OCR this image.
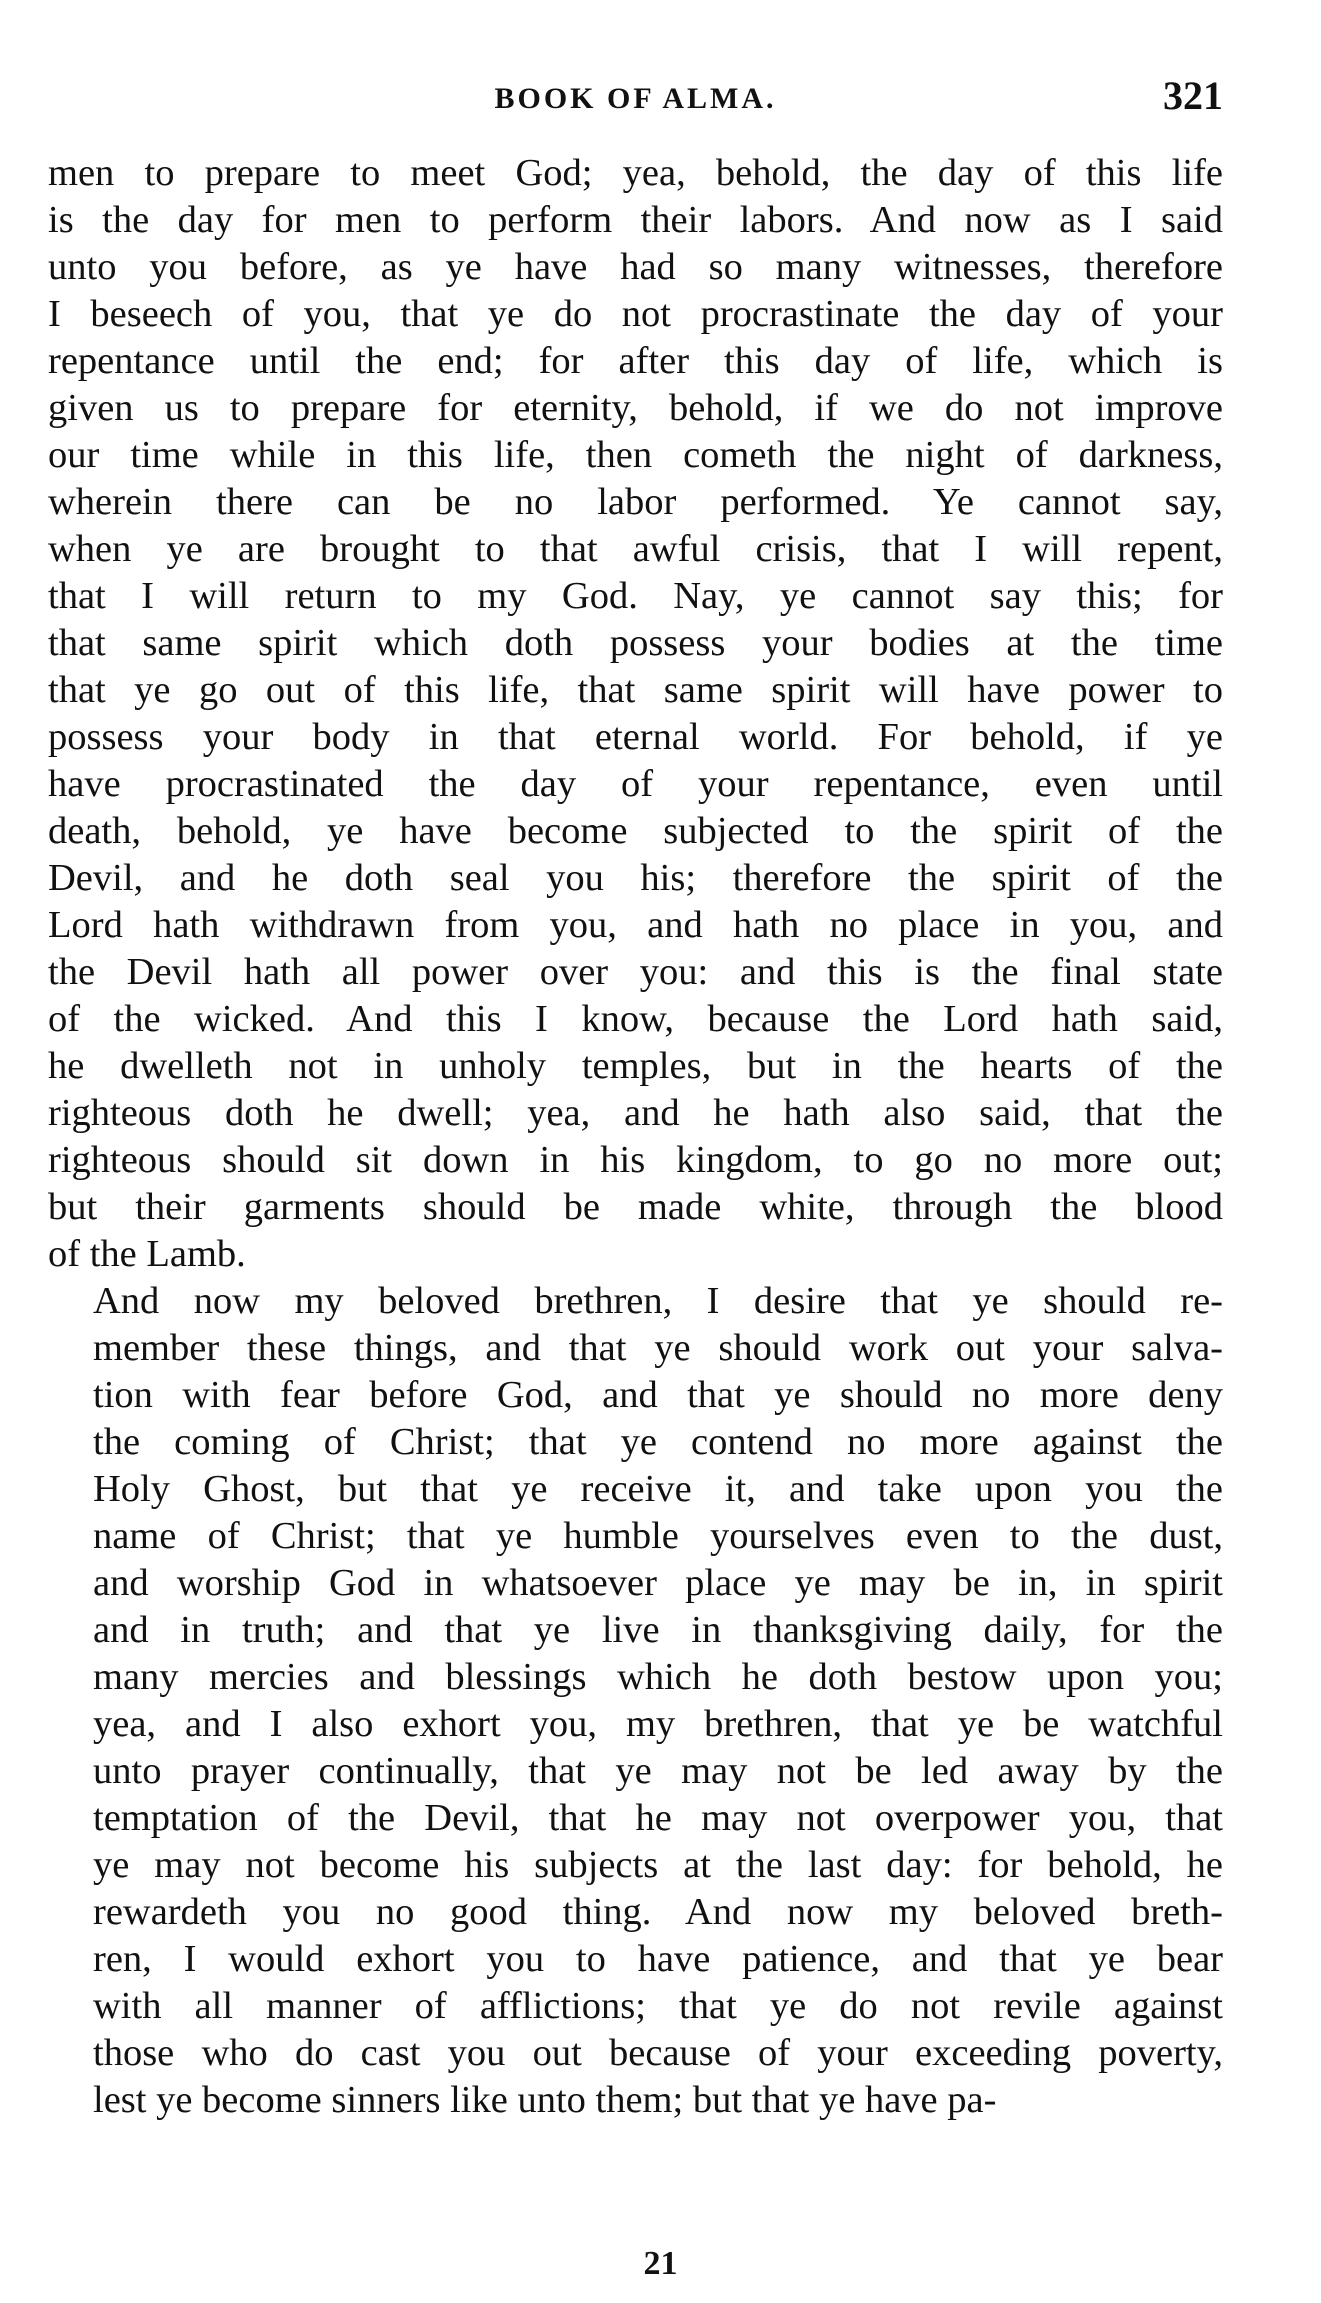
BOOK OF ALMA.	321
men to prepare to meet God; yea, behold, the day of this life
is the day for men to perform their labors. And now as I said
unto you before, as ye have had so many witnesses, therefore
I beseech of you, that ye do not procrastinate the day of your
repentance until the end; for after this day of life, which is
given us to prepare for eternity, behold, if we do not improve
our time while in this life, then cometh the night of darkness,
wherein there can be no labor performed. Ye cannot say,
when ye are brought to that awful crisis, that I will repent,
that I will return to my God. Nay, ye cannot say this; for
that same spirit which doth possess your bodies at the time
that ye go out of this life, that same spirit will have power to
possess your body in that eternal world. For behold, if ye
have procrastinated the day of your repentance, even until
death, behold, ye have become subjected to the spirit of the
Devil, and he doth seal you his; therefore the spirit of the
Lord hath withdrawn from you, and hath no place in you, and
the Devil hath all power over you: and this is the final state
of the wicked. And this I know, because the Lord hath said,
he dwelleth not in unholy temples, but in the hearts of the
righteous doth he dwell; yea, and he hath also said, that the
righteous should sit down in his kingdom, to go no more out;
but their garments should be made white, through the blood
of the Lamb.
And now my beloved brethren, I desire that ye should re-
member these things, and that ye should work out your salva-
tion with fear before God, and that ye should no more deny
the coming of Christ; that ye contend no more against the
Holy Ghost, but that ye receive it, and take upon you the
name of Christ; that ye humble yourselves even to the dust,
and worship God in whatsoever place ye may be in, in spirit
and in truth; and that ye live in thanksgiving daily, for the
many mercies and blessings which he doth bestow upon you;
yea, and I also exhort you, my brethren, that ye be watchful
unto prayer continually, that ye may not be led away by the
temptation of the Devil, that he may not overpower you, that
ye may not become his subjects at the last day: for behold, he
rewardeth you no good thing. And now my beloved breth-
ren, I would exhort you to have patience, and that ye bear
with all manner of afflictions; that ye do not revile against
those who do cast you out because of your exceeding poverty,
lest ye become sinners like unto them; but that ye have pa-
21
